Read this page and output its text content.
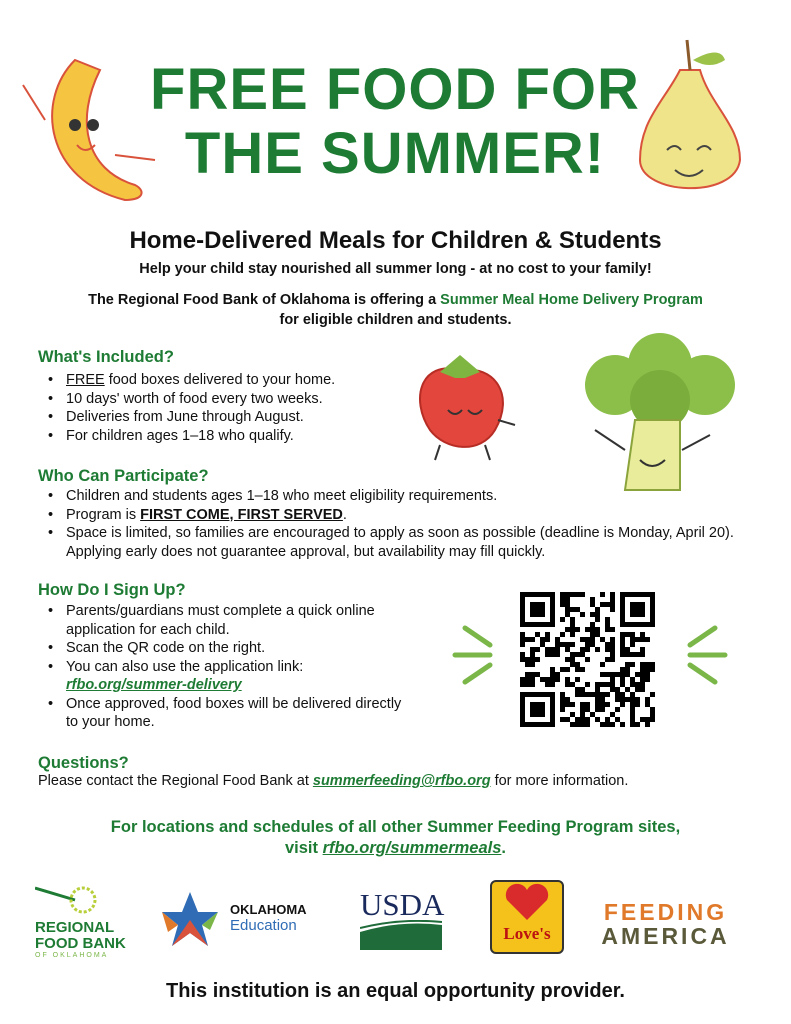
FREE FOOD FOR
THE SUMMER!
Home-Delivered Meals for Children & Students
Help your child stay nourished all summer long - at no cost to your family!
The Regional Food Bank of Oklahoma is offering a Summer Meal Home Delivery Program
for eligible children and students.
What's Included?
• FREE food boxes delivered to your home.
• 10 days' worth of food every two weeks.
• Deliveries from June through August.
• For children ages 1–18 who qualify.
Who Can Participate?
• Children and students ages 1–18 who meet eligibility requirements.
• Program is FIRST COME, FIRST SERVED.
• Space is limited, so families are encouraged to apply as soon as possible (deadline is Monday, April 20). Applying early does not guarantee approval, but availability may fill quickly.
How Do I Sign Up?
• Parents/guardians must complete a quick online application for each child.
• Scan the QR code on the right.
• You can also use the application link:
rfbo.org/summer-delivery
• Once approved, food boxes will be delivered directly to your home.
Questions?
Please contact the Regional Food Bank at summerfeeding@rfbo.org for more information.
For locations and schedules of all other Summer Feeding Program sites,
visit rfbo.org/summermeals.
REGIONAL
FOOD BANK
OF OKLAHOMA
OKLAHOMA
Education
USDA
Love's
FEEDING
AMERICA
This institution is an equal opportunity provider.
